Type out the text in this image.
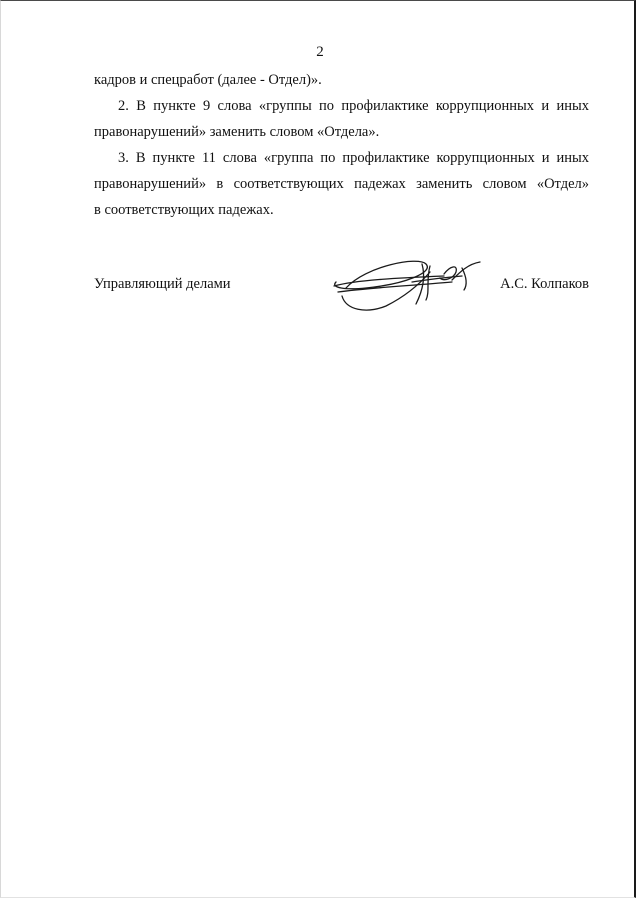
2

кадров и спецработ (далее - Отдел)».

2. В пункте 9 слова «группы по профилактике коррупционных и иных

правонарушений» заменить словом «Отдела».

3. В пункте 11 слова «группа по профилактике коррупционных и иных

правонарушений» в соответствующих падежах заменить словом «Отдел»
в соответствующих падежах.

Управляющий делами	А.С. Колпаков
